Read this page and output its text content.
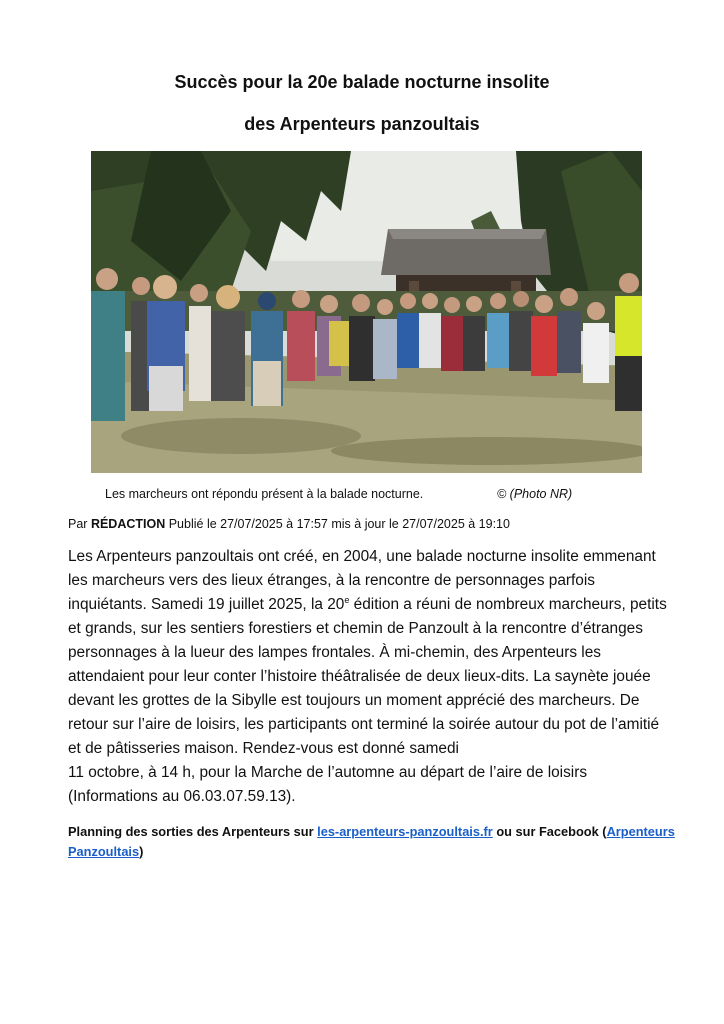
Succès pour la 20e balade nocturne insolite
des Arpenteurs panzoultais
Les marcheurs ont répondu présent à la balade nocturne.	© (Photo NR)
Par RÉDACTION Publié le 27/07/2025 à 17:57 mis à jour le 27/07/2025 à 19:10
Les Arpenteurs panzoultais ont créé, en 2004, une balade nocturne insolite emmenant les marcheurs vers des lieux étranges, à la rencontre de personnages parfois inquiétants. Samedi 19 juillet 2025, la 20e édition a réuni de nombreux marcheurs, petits et grands, sur les sentiers forestiers et chemin de Panzoult à la rencontre d’étranges personnages à la lueur des lampes frontales. À mi-chemin, des Arpenteurs les attendaient pour leur conter l’histoire théâtralisée de deux lieux-dits. La saynète jouée devant les grottes de la Sibylle est toujours un moment apprécié des marcheurs. De retour sur l’aire de loisirs, les participants ont terminé la soirée autour du pot de l’amitié et de pâtisseries maison. Rendez-vous est donné samedi
11 octobre, à 14 h, pour la Marche de l’automne au départ de l’aire de loisirs (Informations au 06.03.07.59.13).
Planning des sorties des Arpenteurs sur les-arpenteurs-panzoultais.fr ou sur Facebook (Arpenteurs Panzoultais)
